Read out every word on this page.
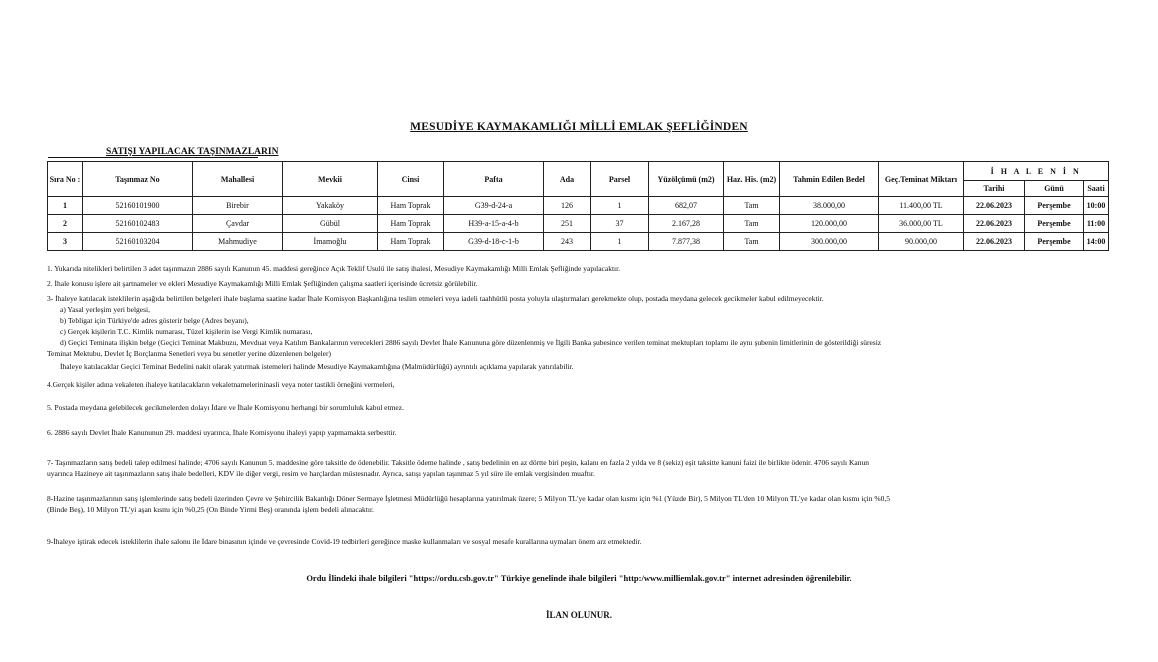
MESUDİYE KAYMAKAMLIĞI MİLLİ EMLAK ŞEFLİĞİNDEN
SATIŞI YAPILACAK TAŞINMAZLARIN
Sıra No :	Taşınmaz No	Mahallesi	Mevkii	Cinsi	Pafta	Ada	Parsel	Yüzölçümü (m2)	Haz. His. (m2)	Tahmin Edilen Bedel	Geç.Teminat Miktarı	İ H A L E N İ N		
												Tarihi	Günü	Saati
1	52160101900	Birebir	Yakaköy	Ham Toprak	G39-d-24-a	126	1	682,07	Tam	38.000,00	11.400,00 TL	22.06.2023	Perşembe	10:00
2	52160102483	Çavdar	Gübül	Ham Toprak	H39-a-15-a-4-b	251	37	2.167,28	Tam	120.000,00	36.000,00 TL	22.06.2023	Perşembe	11:00
3	52160103204	Mahmudiye	İmamoğlu	Ham Toprak	G39-d-18-c-1-b	243	1	7.877,38	Tam	300.000,00	90.000,00	22.06.2023	Perşembe	14:00

1. Yukarıda nitelikleri belirtilen 3 adet taşınmazın 2886 sayılı Kanunun 45. maddesi gereğince Açık Teklif Usulü ile satış ihalesi, Mesudiye Kaymakamlığı Milli Emlak Şefliğinde yapılacaktır.

2. İhale konusu işlere ait şartnameler ve ekleri Mesudiye Kaymakamlığı Milli Emlak Şefliğinden çalışma saatleri içerisinde ücretsiz görülebilir.

3- İhaleye katılacak isteklilerin aşağıda belirtilen belgeleri ihale başlama saatine kadar İhale Komisyon Başkanlığına teslim etmeleri veya iadeli taahhütlü posta yoluyla ulaştırmaları gerekmekte olup, postada meydana gelecek gecikmeler kabul edilmeyecektir.

a) Yasal yerleşim yeri belgesi,

b) Tebligat için Türkiye'de adres gösterir belge (Adres beyanı),

c) Gerçek kişilerin T.C. Kimlik numarası, Tüzel kişilerin ise Vergi Kimlik numarası,

d) Geçici Teminata ilişkin belge (Geçici Teminat Makbuzu, Mevduat veya Katılım Bankalarının verecekleri 2886 sayılı Devlet İhale Kanununa göre düzenlenmiş ve İlgili Banka şubesince verilen teminat mektupları toplamı ile aynı şubenin limitlerinin de gösterildiği süresiz

Teminat Mektubu, Devlet İç Borçlanma Senetleri veya bu senetler yerine düzenlenen belgeler)

İhaleye katılacaklar Geçici Teminat Bedelini nakit olarak yatırmak istemeleri halinde Mesudiye Kaymakamlığına (Malmüdürlüğü) ayrıntılı açıklama yapılarak yatırılabilir.

4.Gerçek kişiler adına vekaleten ihaleye katılacakların vekaletnamelerininasli veya noter tastikli örneğini vermeleri,

5. Postada meydana gelebilecek gecikmelerden dolayı İdare ve İhale Komisyonu herhangi bir sorumluluk kabul etmez.

6. 2886 sayılı Devlet İhale Kanununun 29. maddesi uyarınca, İhale Komisyonu ihaleyi yapıp yapmamakta serbesttir.

7- Taşınmazların satış bedeli talep edilmesi halinde; 4706 sayılı Kanunun 5. maddesine göre taksitle de ödenebilir. Taksitle ödeme halinde , satış bedelinin en az dörtte biri peşin, kalanı en fazla 2 yılda ve 8 (sekiz) eşit taksitte kanuni faizi ile birlikte ödenir. 4706 sayılı Kanun

uyarınca Hazineye ait taşınmazların satış ihale bedelleri, KDV ile diğer vergi, resim ve harçlardan müstesnadır. Ayrıca, satışı yapılan taşınmaz 5 yıl süre ile emlak vergisinden muaftır.

8-Hazine taşınmazlarının satış işlemlerinde satış bedeli üzerinden Çevre ve Şehircilik Bakanlığı Döner Sermaye İşletmesi Müdürlüğü hesaplarına yatırılmak üzere; 5 Milyon TL'ye kadar olan kısmı için %1 (Yüzde Bir), 5 Milyon TL'den 10 Milyon TL'ye kadar olan kısmı için %0,5

(Binde Beş), 10 Milyon TL'yi aşan kısmı için %0,25 (On Binde Yirmi Beş) oranında işlem bedeli alınacaktır.

9-İhaleye iştirak edecek isteklilerin ihale salonu ile İdare binasının içinde ve çevresinde Covid-19 tedbirleri gereğince maske kullanmaları ve sosyal mesafe kurallarına uymaları önem arz etmektedir.

Ordu İlindeki ihale bilgileri "https://ordu.csb.gov.tr" Türkiye genelinde ihale bilgileri "http:/www.milliemlak.gov.tr" internet adresinden öğrenilebilir.
İLAN OLUNUR.
